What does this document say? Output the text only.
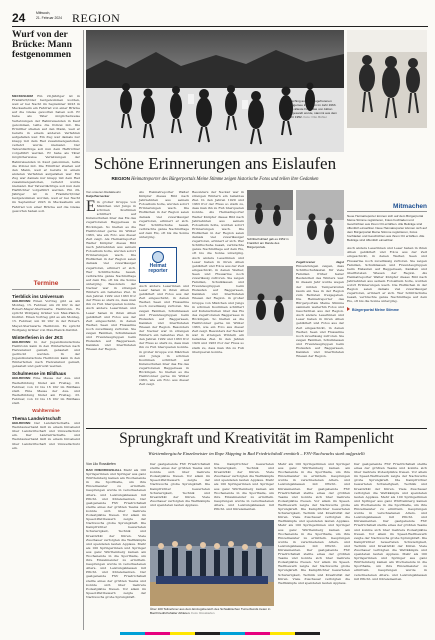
24	Mittwoch,
21. Februar 2024 REGION
Wurf von der Brücke: Mann festgenommen
MECKESHEIM Ein 29-Jähriger ist in Frankfurt/Oder festgenommen worden, weil er bei Nacht im September 2023 in Meckesheim ein Fahrrad von einer Brücke auf die Gleise geworfen haben soll. Er habe als Täter möglicherweise Verletzungen der Bahnreisenden in Kauf genommen, teilte die Polizei mit. Die Ermittler stießen auf den Mann, weil er bereits in einem anderen Verfahren aufgefallen war. Ein Zug war damals nur knapp mit dem Rad zusammengestoßen, verletzt wurde niemand. Der Tatverdächtige soll nun dem Haftrichter vorgeführt werden. Er habe als Täter möglicherweise Verletzungen der Bahnreisenden in Kauf genommen, teilte die Polizei mit. Die Ermittler stießen auf den Mann, weil er bereits in einem anderen Verfahren aufgefallen war. Ein Zug war damals nur knapp mit dem Rad zusammengestoßen, verletzt wurde niemand. Der Tatverdächtige soll nun dem Haftrichter vorgeführt werden. Ein 29-Jähriger ist in Frankfurt/Oder festgenommen worden, weil er bei Nacht im September 2023 in Meckesheim ein Fahrrad von einer Brücke auf die Gleise geworfen haben soll.
Termine
Tierblick ins Universum
HEILBRONN Einen Vortrag gibt es am Montag, 15. Februar, um 20 Uhr in der Robert-Mayer-Sternwarte Heilbronn. Es spricht Wolfgang Gräber von Max-Planck-Institut. Einen Vortrag gibt es am Montag, 15. Februar, um 20 Uhr in der Robert-Mayer-Sternwarte Heilbronn. Es spricht Wolfgang Gräber von Max-Planck-Institut.
Winterferien in der JKS
HEILBRONN In der Jugendkunstschule Heilbronn kann in den Winterferien nach Herzenslust gemalt, gebastelt und gedruckt werden.	In der Jugendkunstschule Heilbronn kann in den Winterferien nach Herzenslust gemalt, gebastelt und gedruckt werden.
Schulmesse im Bildhaus
HEILBRONN Eine Messe der Aus- und Weiterbildung findet am Freitag, 23. Februar, von 10 bis 16 Uhr im Bildhaus statt. Eine Messe der Aus- und Weiterbildung findet am Freitag, 23. Februar, von 10 bis 16 Uhr im Bildhaus statt.
Wahltermine
Thema Landwirtschaft
HEILBRONN Der Landwirtschafts- und Weinbauverband lädt zu einem Infoabend über Landwirtschaft und Umweltschutz ein.	Der Landwirtschafts- und Weinbauverband lädt zu einem Infoabend über Landwirtschaft und Umweltschutz ein.
Fasching auf dem zugefrorenen Baggersee in Bingen im Jahr 1963. Das älteste Foto, das von Aktion eingesandt wurde, stammt aus dem Jahr 1952. Foto: Otto Bühler
Schöne Erinnerungen ans Eislaufen
REGION Heimatreporter des Bürgerportals Meine Stimme zeigen historische Fotos und teilen ihre Gedanken
Mitmachen
Neue Heimatreporter können sich auf dem Bürgerportal Meine Stimme registrieren, Fotos hochladen und Geschichten aus ihrem Ort erzählen. Alle Beiträge sind öffentlich einsehbar. Neue Heimatreporter können sich auf dem Bürgerportal Meine Stimme registrieren, Fotos hochladen und Geschichten aus ihrem Ort erzählen. Alle Beiträge sind öffentlich einsehbar.
Auch andere Leserinnen und Leser haben in ihren Alben geblättert und Fotos aus der Zeit eingeschickt, in denen Weiher, Seen und Flussarme noch zuverlässig zufroren. Sie zeigen Familien, Schulklassen und Freundesgruppen beim Eislaufen auf Baggerseen, Kanälen und überfluteten Wiesen der Region. Als Heimatreporter Walter Knüpfer dieses Bild nach Jahrzehnten aus seinem Fotoalbum holte, wurden sofort Erinnerungen wach. Die Eisflächen in der Region seien damals viel zuverlässiger zugefroren, erinnert er sich. Wer Schlittschuhe besaß, verbrachte ganze Nachmittage auf dem Eis, oft bis die Sonne unterging.
Bürgerportal Meine Stimme
Von unseren Redakteurin
Katja Bernecker
E in großer Gruppe von Mädchen und Jungs in schönen Kostümen schlittert auf Kufenschuhen über das Eis des zugefrorenen Baggersees in Böckingen. So hielten es die Heilbronner gerne im Winter 1963, wie ein Foto aus dieser Zeit zeigt. Als Heimatreporter Walter Knüpfer dieses Bild nach Jahrzehnten aus seinem Fotoalbum holte, wurden sofort Erinnerungen wach. Die Eisflächen in der Region seien damals viel zuverlässiger zugefroren, erinnert er sich. Wer Schlittschuhe besaß, verbrachte ganze Nachmittage auf dem Eis, oft bis die Sonne unterging. Besonders der Neckar war in strengen Wintern ein beliebtes Ziel. In den Jahren 1929 und 1963 fror der Fluss so stark zu, dass man ihn zu Fuß überqueren konnte. Auch andere Leserinnen und Leser haben in ihren Alben geblättert und Fotos aus der Zeit eingeschickt, in denen Weiher, Seen und Flussarme noch zuverlässig zufroren. Sie zeigen Familien, Schulklassen und Freundesgruppen beim Eislaufen auf Baggerseen, Kanälen und überfluteten Wiesen der Region.
Heimat
reporter
Als Heimatreporter Walter Knüpfer dieses Bild nach Jahrzehnten aus seinem Fotoalbum holte, wurden sofort Erinnerungen wach. Die Eisflächen in der Region seien damals viel zuverlässiger zugefroren, erinnert er sich. Wer Schlittschuhe besaß, verbrachte ganze Nachmittage auf dem Eis, oft bis die Sonne unterging.
Auch andere Leserinnen und Leser haben in ihren Alben geblättert und Fotos aus der Zeit eingeschickt, in denen Weiher, Seen und Flussarme noch zuverlässig zufroren. Sie zeigen Familien, Schulklassen und Freundesgruppen beim Eislaufen auf Baggerseen, Kanälen und überfluteten Wiesen der Region. Besonders der Neckar war in strengen Wintern ein beliebtes Ziel. In den Jahren 1929 und 1963 fror der Fluss so stark zu, dass man ihn zu Fuß überqueren konnte. in großer Gruppe von Mädchen und Jungs in schönen Kostümen schlittert auf Kufenschuhen über das Eis des zugefrorenen Baggersees in Böckingen. So hielten es die Heilbronner gerne im Winter 1963, wie ein Foto aus dieser Zeit zeigt.
Besonders der Neckar war in strengen Wintern ein beliebtes Ziel. In den Jahren 1929 und 1963 fror der Fluss so stark zu, dass man ihn zu Fuß überqueren konnte. Als Heimatreporter Walter Knüpfer dieses Bild nach Jahrzehnten aus seinem Fotoalbum holte, wurden sofort Erinnerungen wach. Die Eisflächen in der Region seien damals viel zuverlässiger zugefroren, erinnert er sich. Wer Schlittschuhe besaß, verbrachte ganze Nachmittage auf dem Eis, oft bis die Sonne unterging. Auch andere Leserinnen und Leser haben in ihren Alben geblättert und Fotos aus der Zeit eingeschickt, in denen Weiher, Seen und Flussarme noch zuverlässig zufroren. Sie zeigen Familien, Schulklassen und Freundesgruppen beim Eislaufen auf Baggerseen, Kanälen und überfluteten Wiesen der Region. in großer Gruppe von Mädchen und Jungs in schönen Kostümen schlittert auf Kufenschuhen über das Eis des zugefrorenen Baggersees in Böckingen. So hielten es die Heilbronner gerne im Winter 1963, wie ein Foto aus dieser Zeit zeigt. Besonders der Neckar war in strengen Wintern ein beliebtes Ziel. In den Jahren 1929 und 1963 fror der Fluss so stark zu, dass man ihn zu Fuß überqueren konnte.
Schlittschuhlauf gab es 1952 in Frankfurt am Rande des Bürgerportals.
Zugefrorener Jagst Einsendungen zeigen, dass Schlittschuhlaufen für viele Familien früher fester Bestandteil des Winters war. In diesem Jahr wurde wegen der milden Temperaturen kaum ein See in der Region zum Betreten freigegeben. Die Heimatreporter des Bürgerportals Meine Stimme sammeln weiterhin Fotos und Geschichten aus der Region. Auch andere Leserinnen und Leser haben in ihren Alben geblättert und Fotos aus der Zeit eingeschickt, in denen Weiher, Seen und Flussarme noch zuverlässig zufroren. Sie zeigen Familien, Schulklassen und Freundesgruppen beim Eislaufen auf Baggerseen, Kanälen und überfluteten Wiesen der Region.
Sprungkraft und Kreativität im Rampenlicht
Württembergische Einzelmeister im Rope Skipping in Bad Friedrichshall ermittelt – FSV-Nachwuchs stark aufgestellt
Von Lilo Rosskiefen
BAD FRIEDRICHSHALL Mehr als 100 Springerinnen und Springer aus ganz Württemberg kamen am Wochenende in die Sporthalle, um ihre Einzelmeister zu ermitteln. Gesprungen wurde in verschiedenen Alters- und Leistungsklassen mit Pflicht- und Kürelementen. Der gastgebende FSV Friedrichshall stellte eines der größten Teams und konnte sich über mehrere Podestplätze freuen. Vor allem im Speed-Wettbewerb zeigte der Nachwuchs große Sprungkraft. Die Kampfrichter bewerteten Schwierigkeit, Technik und Kreativität der Küren. Viele Zuschauer verfolgten die Wettkämpfe und spendeten lauten Applaus. Mehr als 100 Springerinnen und Springer aus ganz Württemberg kamen am Wochenende in die Sporthalle, um ihre Einzelmeister zu ermitteln. Gesprungen wurde in verschiedenen Alters- und Leistungsklassen mit Pflicht- und Kürelementen. Der gastgebende FSV Friedrichshall stellte eines der größten Teams und konnte sich über mehrere Podestplätze freuen. Vor allem im Speed-Wettbewerb zeigte der Nachwuchs große Sprungkraft.
Der gastgebende FSV Friedrichshall stellte eines der größten Teams und konnte sich über mehrere Podestplätze freuen. Vor allem im Speed-Wettbewerb zeigte der Nachwuchs große Sprungkraft. Die Kampfrichter bewerteten Schwierigkeit, Technik und Kreativität der Küren. Viele Zuschauer verfolgten die Wettkämpfe und spendeten lauten Applaus.
Die Kampfrichter bewerteten Schwierigkeit, Technik und Kreativität der Küren. Viele Zuschauer verfolgten die Wettkämpfe und spendeten lauten Applaus. Mehr als 100 Springerinnen und Springer aus ganz Württemberg kamen am Wochenende in die Sporthalle, um ihre Einzelmeister zu ermitteln. Gesprungen wurde in verschiedenen Alters- und Leistungsklassen mit Pflicht- und Kürelementen.
Über 100 Teilnehmer aus dem Einzugsbereich des Schwäbischen Turnerbunds treten in Bad Friedrichshaller Athleten. Foto: Rosskiefen
Mehr als 100 Springerinnen und Springer aus ganz Württemberg kamen am Wochenende in die Sporthalle, um ihre Einzelmeister zu ermitteln. Gesprungen wurde in verschiedenen Alters- und Leistungsklassen mit Pflicht- und Kürelementen. Der gastgebende FSV Friedrichshall stellte eines der größten Teams und konnte sich über mehrere Podestplätze freuen. Vor allem im Speed-Wettbewerb zeigte der Nachwuchs große Sprungkraft. Die Kampfrichter bewerteten Schwierigkeit, Technik und Kreativität der Küren. Viele Zuschauer verfolgten die Wettkämpfe und spendeten lauten Applaus. Mehr als 100 Springerinnen und Springer aus ganz Württemberg kamen am Wochenende in die Sporthalle, um ihre Einzelmeister zu ermitteln. Gesprungen wurde in verschiedenen Alters- und Leistungsklassen mit Pflicht- und Kürelementen. Der gastgebende FSV Friedrichshall stellte eines der größten Teams und konnte sich über mehrere Podestplätze freuen. Vor allem im Speed-Wettbewerb zeigte der Nachwuchs große Sprungkraft. Die Kampfrichter bewerteten Schwierigkeit, Technik und Kreativität der Küren. Viele Zuschauer verfolgten die Wettkämpfe und spendeten lauten Applaus.
Der gastgebende FSV Friedrichshall stellte eines der größten Teams und konnte sich über mehrere Podestplätze freuen. Vor allem im Speed-Wettbewerb zeigte der Nachwuchs große Sprungkraft. Die Kampfrichter bewerteten Schwierigkeit, Technik und Kreativität der Küren. Viele Zuschauer verfolgten die Wettkämpfe und spendeten lauten Applaus. Mehr als 100 Springerinnen und Springer aus ganz Württemberg kamen am Wochenende in die Sporthalle, um ihre Einzelmeister zu ermitteln. Gesprungen wurde in verschiedenen Alters- und Leistungsklassen mit Pflicht- und Kürelementen. Der gastgebende FSV Friedrichshall stellte eines der größten Teams und konnte sich über mehrere Podestplätze freuen. Vor allem im Speed-Wettbewerb zeigte der Nachwuchs große Sprungkraft. Die Kampfrichter bewerteten Schwierigkeit, Technik und Kreativität der Küren. Viele Zuschauer verfolgten die Wettkämpfe und spendeten lauten Applaus. Mehr als 100 Springerinnen und Springer aus ganz Württemberg kamen am Wochenende in die Sporthalle, um ihre Einzelmeister zu ermitteln. Gesprungen wurde in verschiedenen Alters- und Leistungsklassen mit Pflicht- und Kürelementen.
